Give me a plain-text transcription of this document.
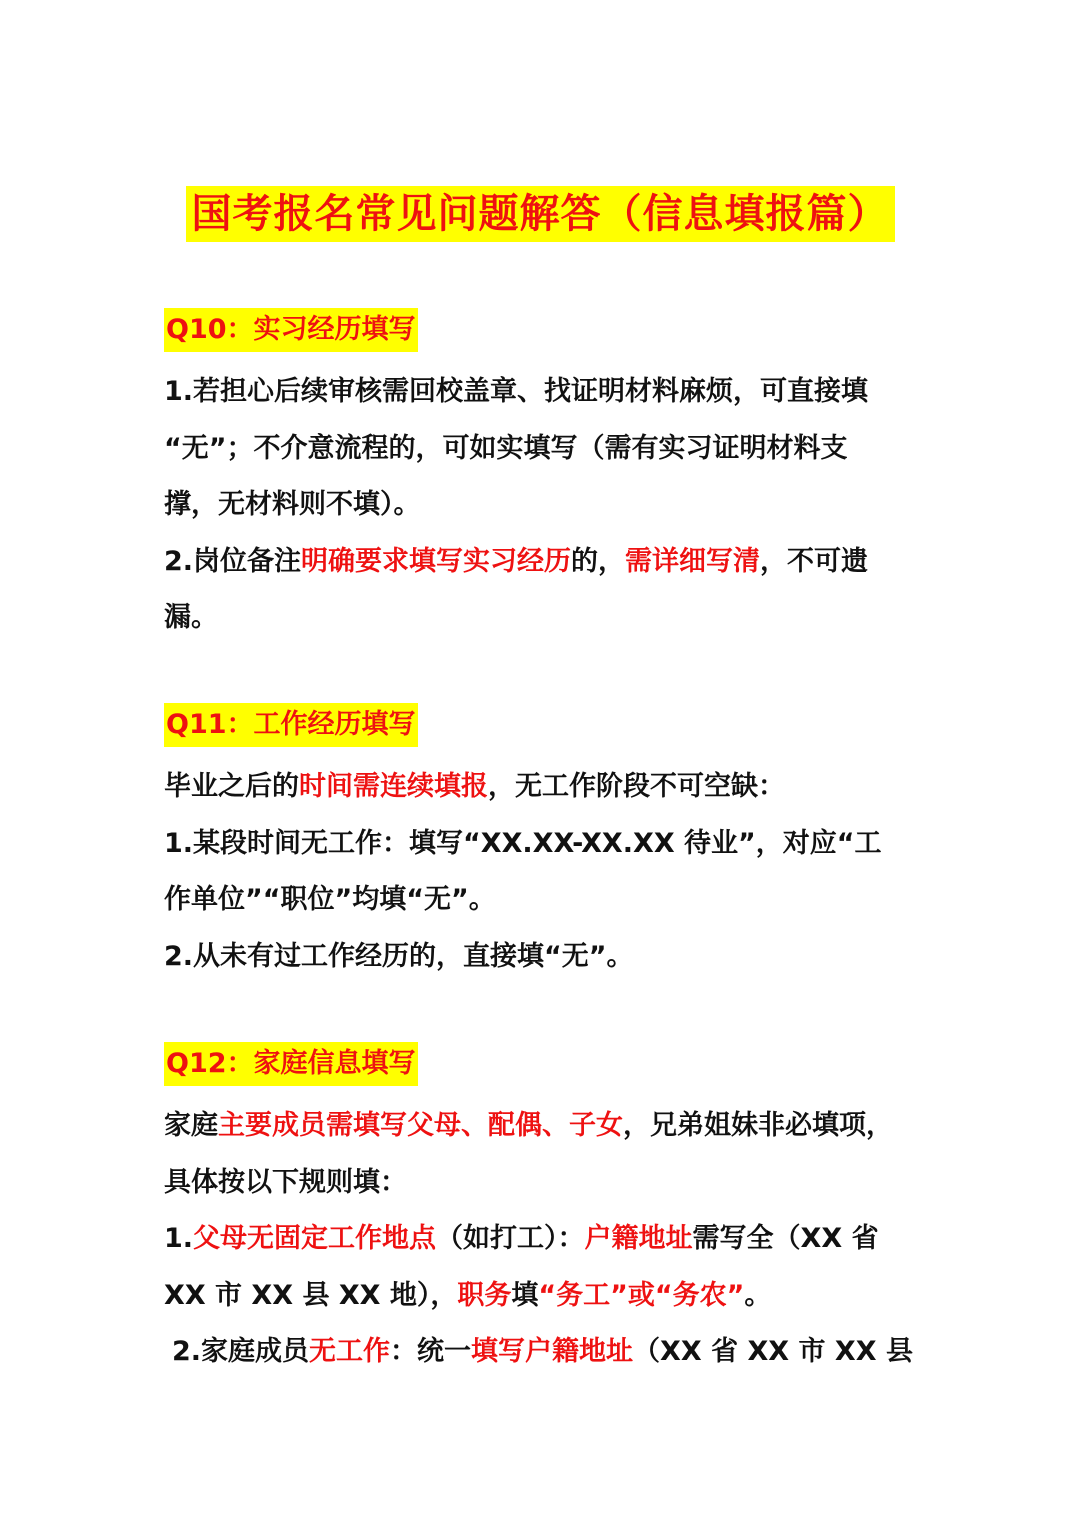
国考报名常见问题解答（信息填报篇）
Q10：实习经历填写

1.若担心后续审核需回校盖章、找证明材料麻烦，可直接填

“无”；不介意流程的，可如实填写（需有实习证明材料支

撑，无材料则不填）。

2.岗位备注明确要求填写实习经历的，需详细写清，不可遗

漏。

Q11：工作经历填写

毕业之后的时间需连续填报，无工作阶段不可空缺：

1.某段时间无工作：填写“XX.XX-XX.XX 待业”，对应“工

作单位”“职位”均填“无”。

2.从未有过工作经历的，直接填“无”。

Q12：家庭信息填写

家庭主要成员需填写父母、配偶、子女，兄弟姐妹非必填项，

具体按以下规则填：

1.父母无固定工作地点（如打工）：户籍地址需写全（XX 省

XX 市 XX 县 XX 地），职务填“务工”或“务农”。

2.家庭成员无工作：统一填写户籍地址（XX 省 XX 市 XX 县
